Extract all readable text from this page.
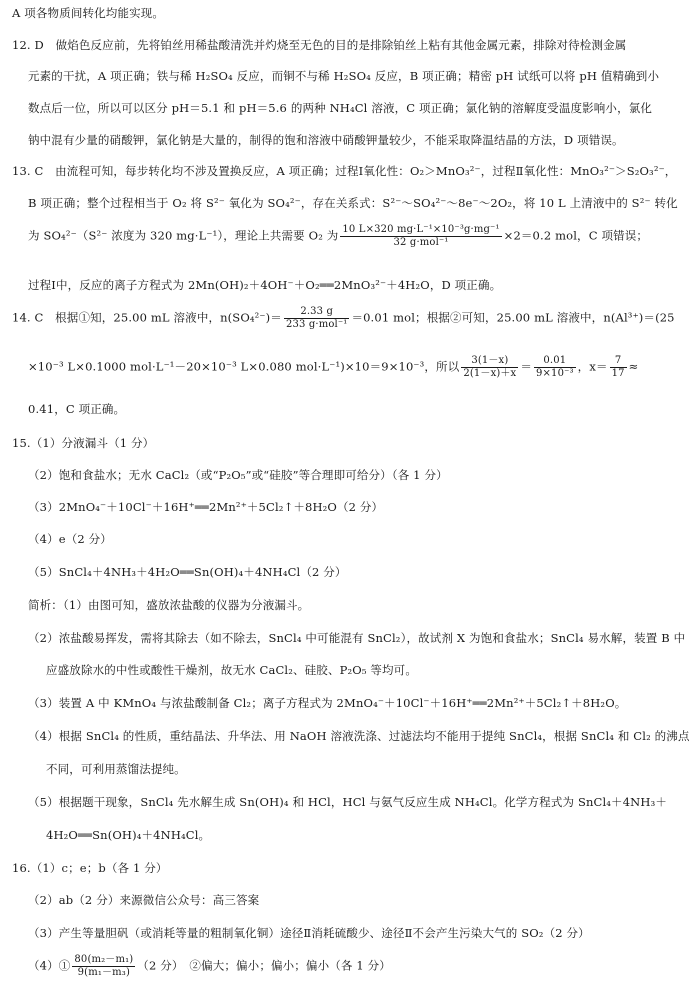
A 项各物质间转化均能实现。
12. D　做焰色反应前，先将铂丝用稀盐酸清洗并灼烧至无色的目的是排除铂丝上粘有其他金属元素，排除对待检测金属
元素的干扰，A 项正确；铁与稀 H₂SO₄ 反应，而铜不与稀 H₂SO₄ 反应，B 项正确；精密 pH 试纸可以将 pH 值精确到小
数点后一位，所以可以区分 pH＝5.1 和 pH＝5.6 的两种 NH₄Cl 溶液，C 项正确；氯化钠的溶解度受温度影响小，氯化
钠中混有少量的硝酸钾，氯化钠是大量的，制得的饱和溶液中硝酸钾量较少，不能采取降温结晶的方法，D 项错误。
13. C　由流程可知，每步转化均不涉及置换反应，A 项正确；过程Ⅰ氧化性：O₂＞MnO₃²⁻，过程Ⅱ氧化性：MnO₃²⁻＞S₂O₃²⁻，
B 项正确；整个过程相当于 O₂ 将 S²⁻ 氧化为 SO₄²⁻，存在关系式：S²⁻～SO₄²⁻～8e⁻～2O₂，将 10 L 上清液中的 S²⁻ 转化
为 SO₄²⁻（S²⁻ 浓度为 320 mg·L⁻¹），理论上共需要 O₂ 为 $\frac{\text{10 L×320 mg·L⁻¹×10⁻³g·mg⁻¹}}{\text{32 g·mol⁻¹}} \times 2=0.2$ mol，C 项错误；
过程Ⅰ中，反应的离子方程式为 2Mn(OH)₂＋4OH⁻＋O₂══2MnO₃²⁻＋4H₂O，D 项正确。
14. C　根据①知，25.00 mL 溶液中，$n(SO_4^{2-})= \frac{2.33 g}{\text{233 g·mol⁻¹}} =0.01$ mol；根据②可知，25.00 mL 溶液中，n(Al³⁺)＝(25
×10⁻³ L×0.1000 mol·L⁻¹－20×10⁻³ L×0.080 mol·L⁻¹)×10＝9×10⁻³，所以 $\frac{3(1-x)}{2(1-x)+x} = \frac{0.01}{\text{9×10⁻³}}$ ，$x= \frac{7}{17}$ ≈
0.41，C 项正确。
15.（1）分液漏斗（1 分）
（2）饱和食盐水；无水 CaCl₂（或“P₂O₅”或“硅胶”等合理即可给分）（各 1 分）
（3）2MnO₄⁻＋10Cl⁻＋16H⁺══2Mn²⁺＋5Cl₂↑＋8H₂O（2 分）
（4）e（2 分）
（5）SnCl₄＋4NH₃＋4H₂O══Sn(OH)₄＋4NH₄Cl（2 分）
简析：（1）由图可知，盛放浓盐酸的仪器为分液漏斗。
（2）浓盐酸易挥发，需将其除去（如不除去，SnCl₄ 中可能混有 SnCl₂），故试剂 X 为饱和食盐水；SnCl₄ 易水解，装置 B 中
应盛放除水的中性或酸性干燥剂，故无水 CaCl₂、硅胶、P₂O₅ 等均可。
（3）装置 A 中 KMnO₄ 与浓盐酸制备 Cl₂；离子方程式为 2MnO₄⁻＋10Cl⁻＋16H⁺══2Mn²⁺＋5Cl₂↑＋8H₂O。
（4）根据 SnCl₄ 的性质，重结晶法、升华法、用 NaOH 溶液洗涤、过滤法均不能用于提纯 SnCl₄，根据 SnCl₄ 和 Cl₂ 的沸点
不同，可利用蒸馏法提纯。
（5）根据题干现象，SnCl₄ 先水解生成 Sn(OH)₄ 和 HCl，HCl 与氨气反应生成 NH₄Cl。化学方程式为 SnCl₄＋4NH₃＋
4H₂O══Sn(OH)₄＋4NH₄Cl。
16.（1）c；e；b（各 1 分）
（2）ab（2 分）来源微信公众号：高三答案
（3）产生等量胆矾（或消耗等量的粗制氧化铜）途径Ⅱ消耗硫酸少、途径Ⅱ不会产生污染大气的 SO₂（2 分）
（4）① $\frac{\text{80(m₂－m₁)}}{\text{9(m₁－m₃)}} (2$ 分）　②偏大；偏小；偏小；偏小（各 1 分）
